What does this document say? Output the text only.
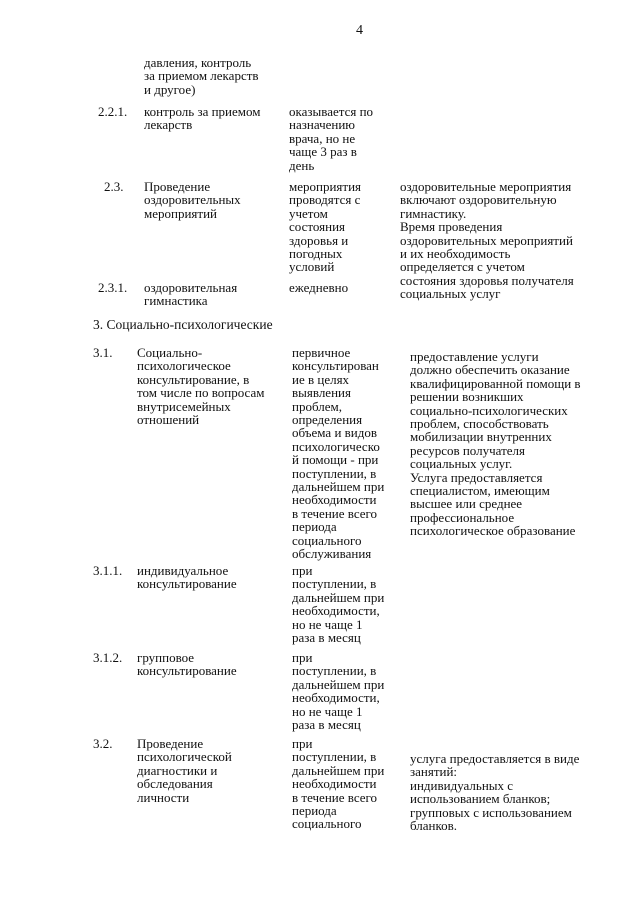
4
давления, контроль
за приемом лекарств
и другое)
2.2.1. контроль за приемом
лекарств
оказывается по
назначению
врача, но не
чаще 3 раз в
день
2.3. Проведение
оздоровительных
мероприятий
мероприятия
проводятся с
учетом
состояния
здоровья и
погодных
условий
оздоровительные мероприятия
включают оздоровительную
гимнастику.
Время проведения
оздоровительных мероприятий
и их необходимость
определяется с учетом
состояния здоровья получателя
социальных услуг
2.3.1. оздоровительная
гимнастика
ежедневно
3. Социально-психологические
3.1. Социально-
психологическое
консультирование, в
том числе по вопросам
внутрисемейных
отношений
первичное
консультирован
ие в целях
выявления
проблем,
определения
объема и видов
психологическо
й помощи - при
поступлении, в
дальнейшем при
необходимости
в течение всего
периода
социального
обслуживания
предоставление услуги
должно обеспечить оказание
квалифицированной помощи в
решении возникших
социально-психологических
проблем, способствовать
мобилизации внутренних
ресурсов получателя
социальных услуг.
Услуга предоставляется
специалистом, имеющим
высшее или среднее
профессиональное
психологическое образование
3.1.1. индивидуальное
консультирование
при
поступлении, в
дальнейшем при
необходимости,
но не чаще 1
раза в месяц
3.1.2. групповое
консультирование
при
поступлении, в
дальнейшем при
необходимости,
но не чаще 1
раза в месяц
3.2. Проведение
психологической
диагностики и
обследования
личности
при
поступлении, в
дальнейшем при
необходимости
в течение всего
периода
социального
услуга предоставляется в виде
занятий:
индивидуальных с
использованием бланков;
групповых с использованием
бланков.
